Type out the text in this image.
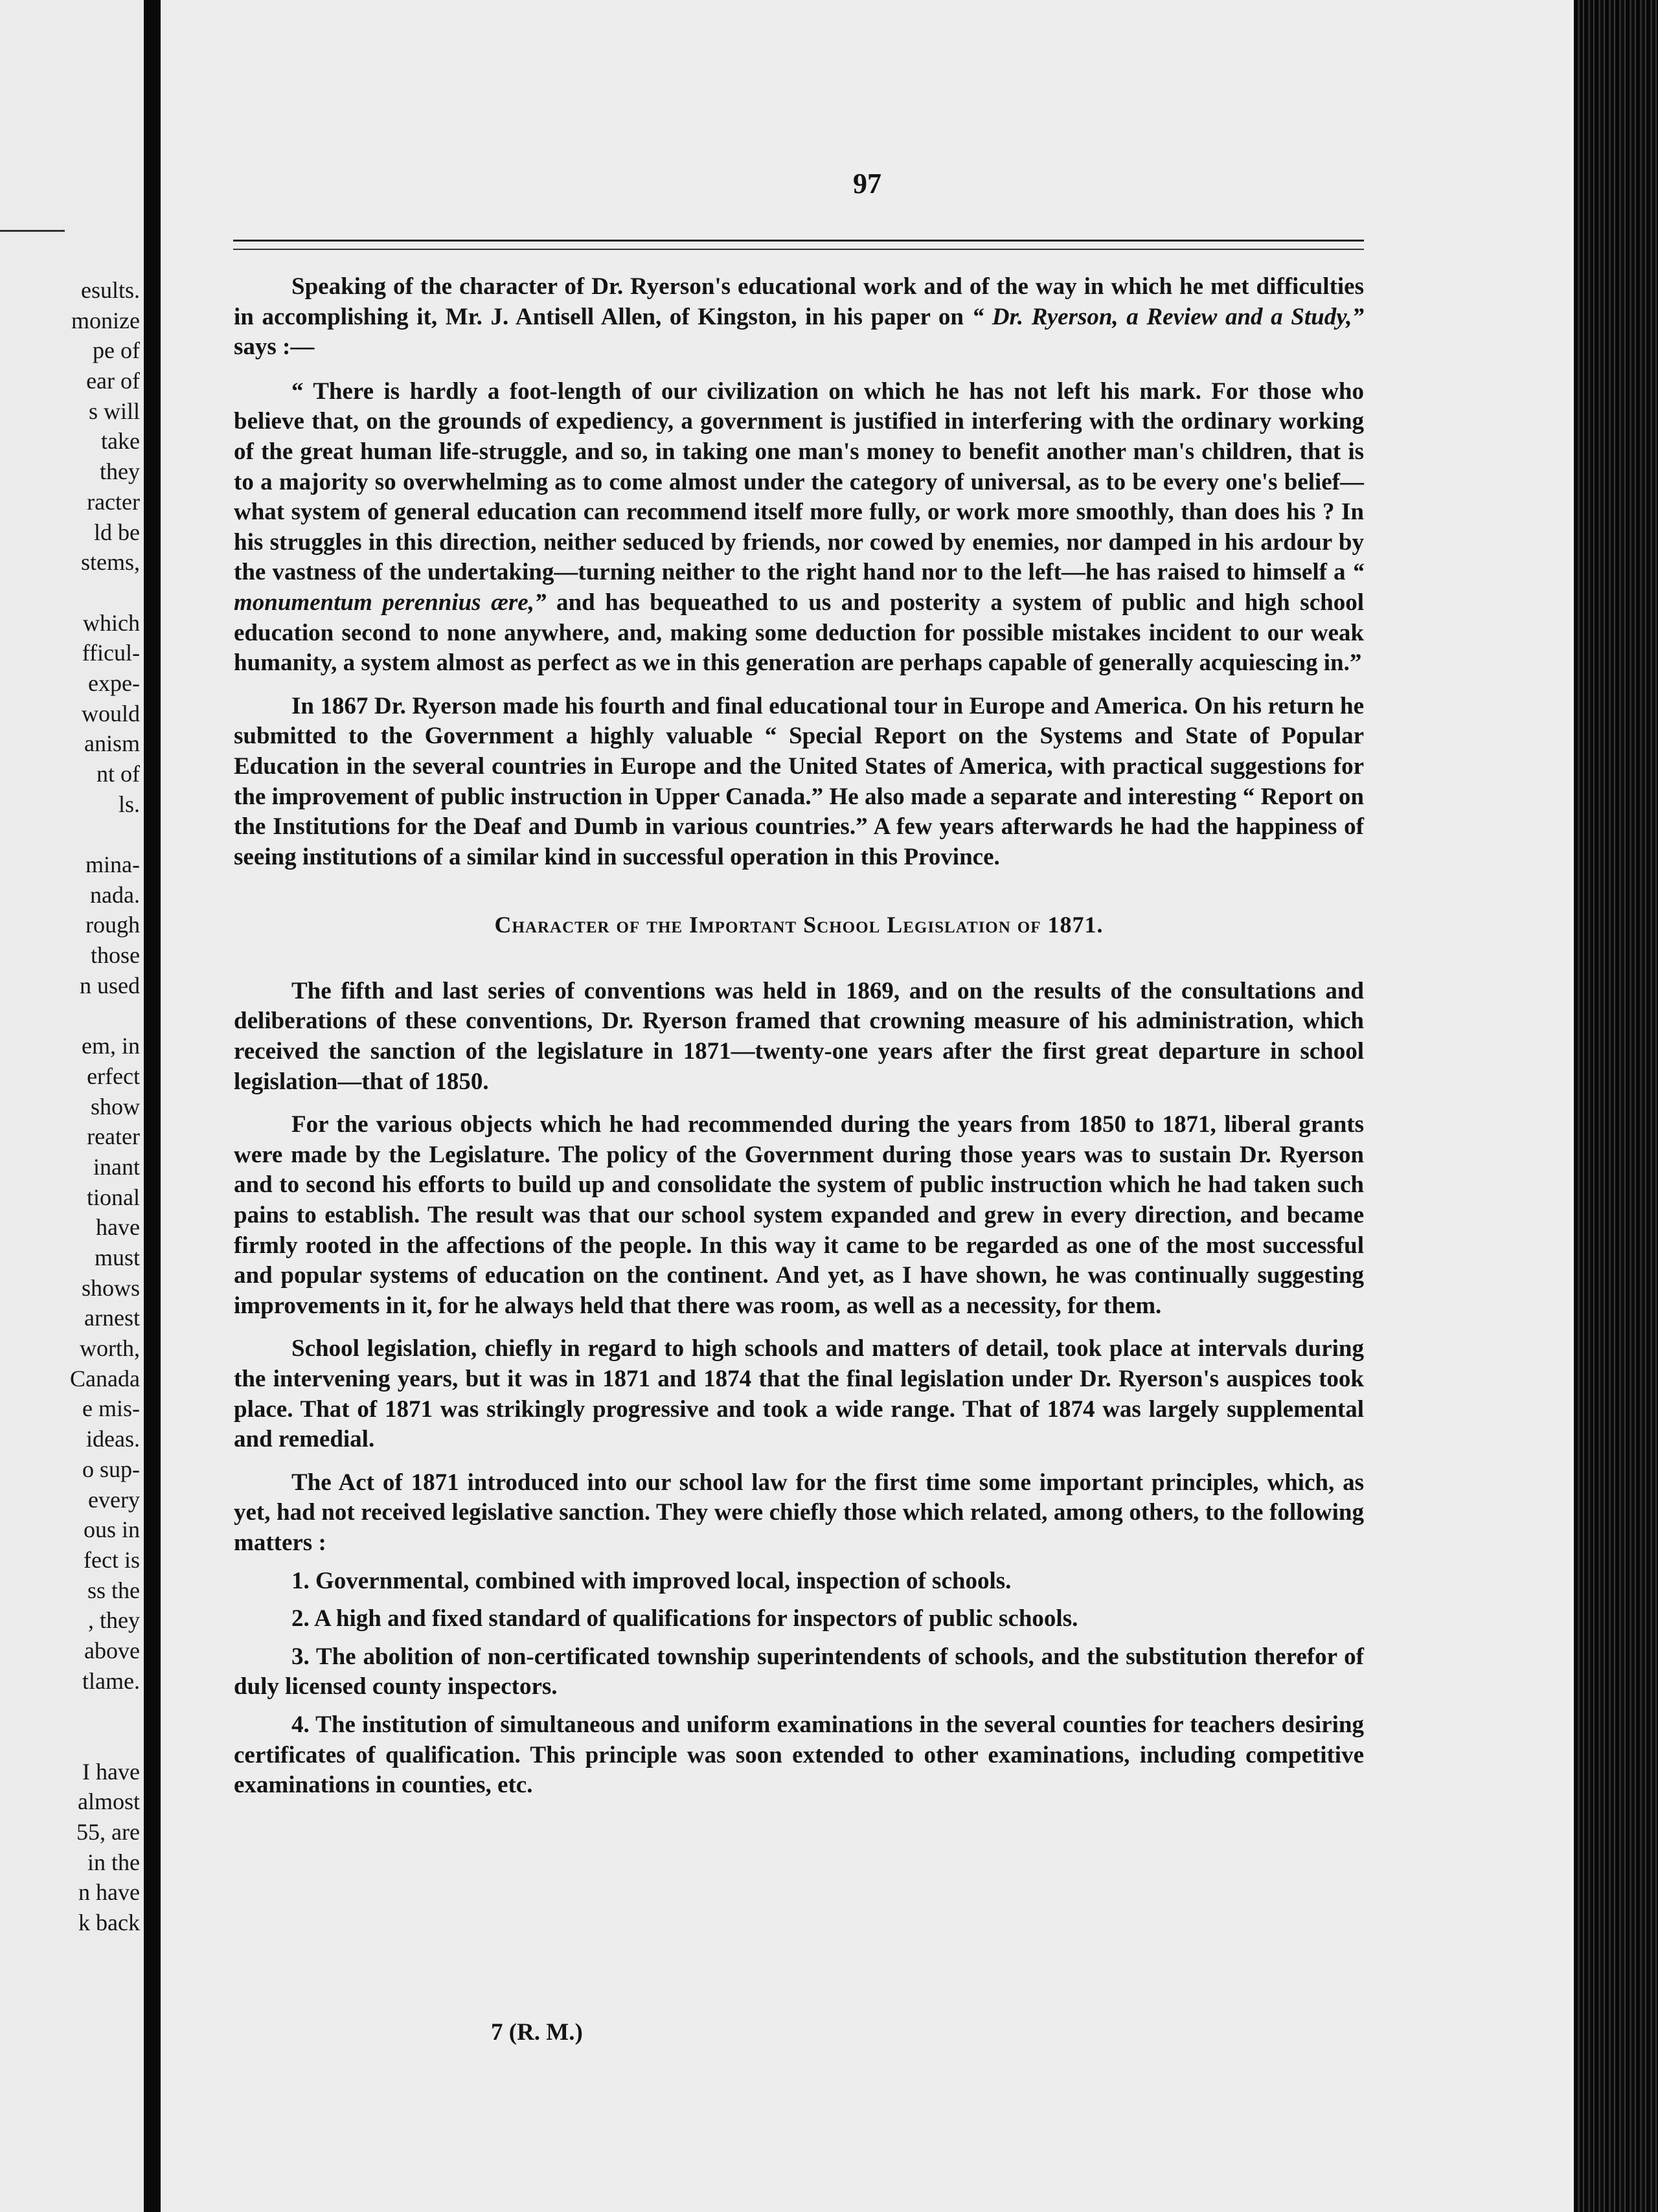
esults.
monize
pe of
ear of
s will
take
they
racter
ld be
stems,
which
fficul-
expe-
would
anism
nt of
ls.
mina-
nada.
rough
those
n used
em, in
erfect
show
reater
inant
tional
have
must
shows
arnest
worth,
Canada
e mis-
ideas.
o sup-
every
ous in
fect is
ss the
, they
above
tlame.
I have
almost
55, are
in the
n have
k back
97

Speaking of the character of Dr. Ryerson's educational work and of the way in which he met difficulties in accomplishing it, Mr. J. Antisell Allen, of Kingston, in his paper on “ Dr. Ryerson, a Review and a Study,” says :—

“ There is hardly a foot-length of our civilization on which he has not left his mark. For those who believe that, on the grounds of expediency, a government is justified in interfering with the ordinary working of the great human life-struggle, and so, in taking one man's money to benefit another man's children, that is to a majority so overwhelming as to come almost under the category of universal, as to be every one's belief—what system of general education can recommend itself more fully, or work more smoothly, than does his ? In his struggles in this direction, neither seduced by friends, nor cowed by enemies, nor damped in his ardour by the vastness of the undertaking—turning neither to the right hand nor to the left—he has raised to himself a “ monumentum perennius ære,” and has bequeathed to us and posterity a system of public and high school education second to none anywhere, and, making some deduction for possible mistakes incident to our weak humanity, a system almost as perfect as we in this generation are perhaps capable of generally acquiescing in.”

In 1867 Dr. Ryerson made his fourth and final educational tour in Europe and America. On his return he submitted to the Government a highly valuable “ Special Report on the Systems and State of Popular Education in the several countries in Europe and the United States of America, with practical suggestions for the improvement of public instruction in Upper Canada.” He also made a separate and interesting “ Report on the Institutions for the Deaf and Dumb in various countries.” A few years afterwards he had the happiness of seeing institutions of a similar kind in successful operation in this Province.

Character of the Important School Legislation of 1871.

The fifth and last series of conventions was held in 1869, and on the results of the consultations and deliberations of these conventions, Dr. Ryerson framed that crowning measure of his administration, which received the sanction of the legislature in 1871—twenty-one years after the first great departure in school legislation—that of 1850.

For the various objects which he had recommended during the years from 1850 to 1871, liberal grants were made by the Legislature. The policy of the Government during those years was to sustain Dr. Ryerson and to second his efforts to build up and consolidate the system of public instruction which he had taken such pains to establish. The result was that our school system expanded and grew in every direction, and became firmly rooted in the affections of the people. In this way it came to be regarded as one of the most successful and popular systems of education on the continent. And yet, as I have shown, he was continually suggesting improvements in it, for he always held that there was room, as well as a necessity, for them.

School legislation, chiefly in regard to high schools and matters of detail, took place at intervals during the intervening years, but it was in 1871 and 1874 that the final legislation under Dr. Ryerson's auspices took place. That of 1871 was strikingly progressive and took a wide range. That of 1874 was largely supplemental and remedial.

The Act of 1871 introduced into our school law for the first time some important principles, which, as yet, had not received legislative sanction. They were chiefly those which related, among others, to the following matters :

1. Governmental, combined with improved local, inspection of schools.

2. A high and fixed standard of qualifications for inspectors of public schools.

3. The abolition of non-certificated township superintendents of schools, and the substitution therefor of duly licensed county inspectors.

4. The institution of simultaneous and uniform examinations in the several counties for teachers desiring certificates of qualification. This principle was soon extended to other examinations, including competitive examinations in counties, etc.

7 (R. M.)
